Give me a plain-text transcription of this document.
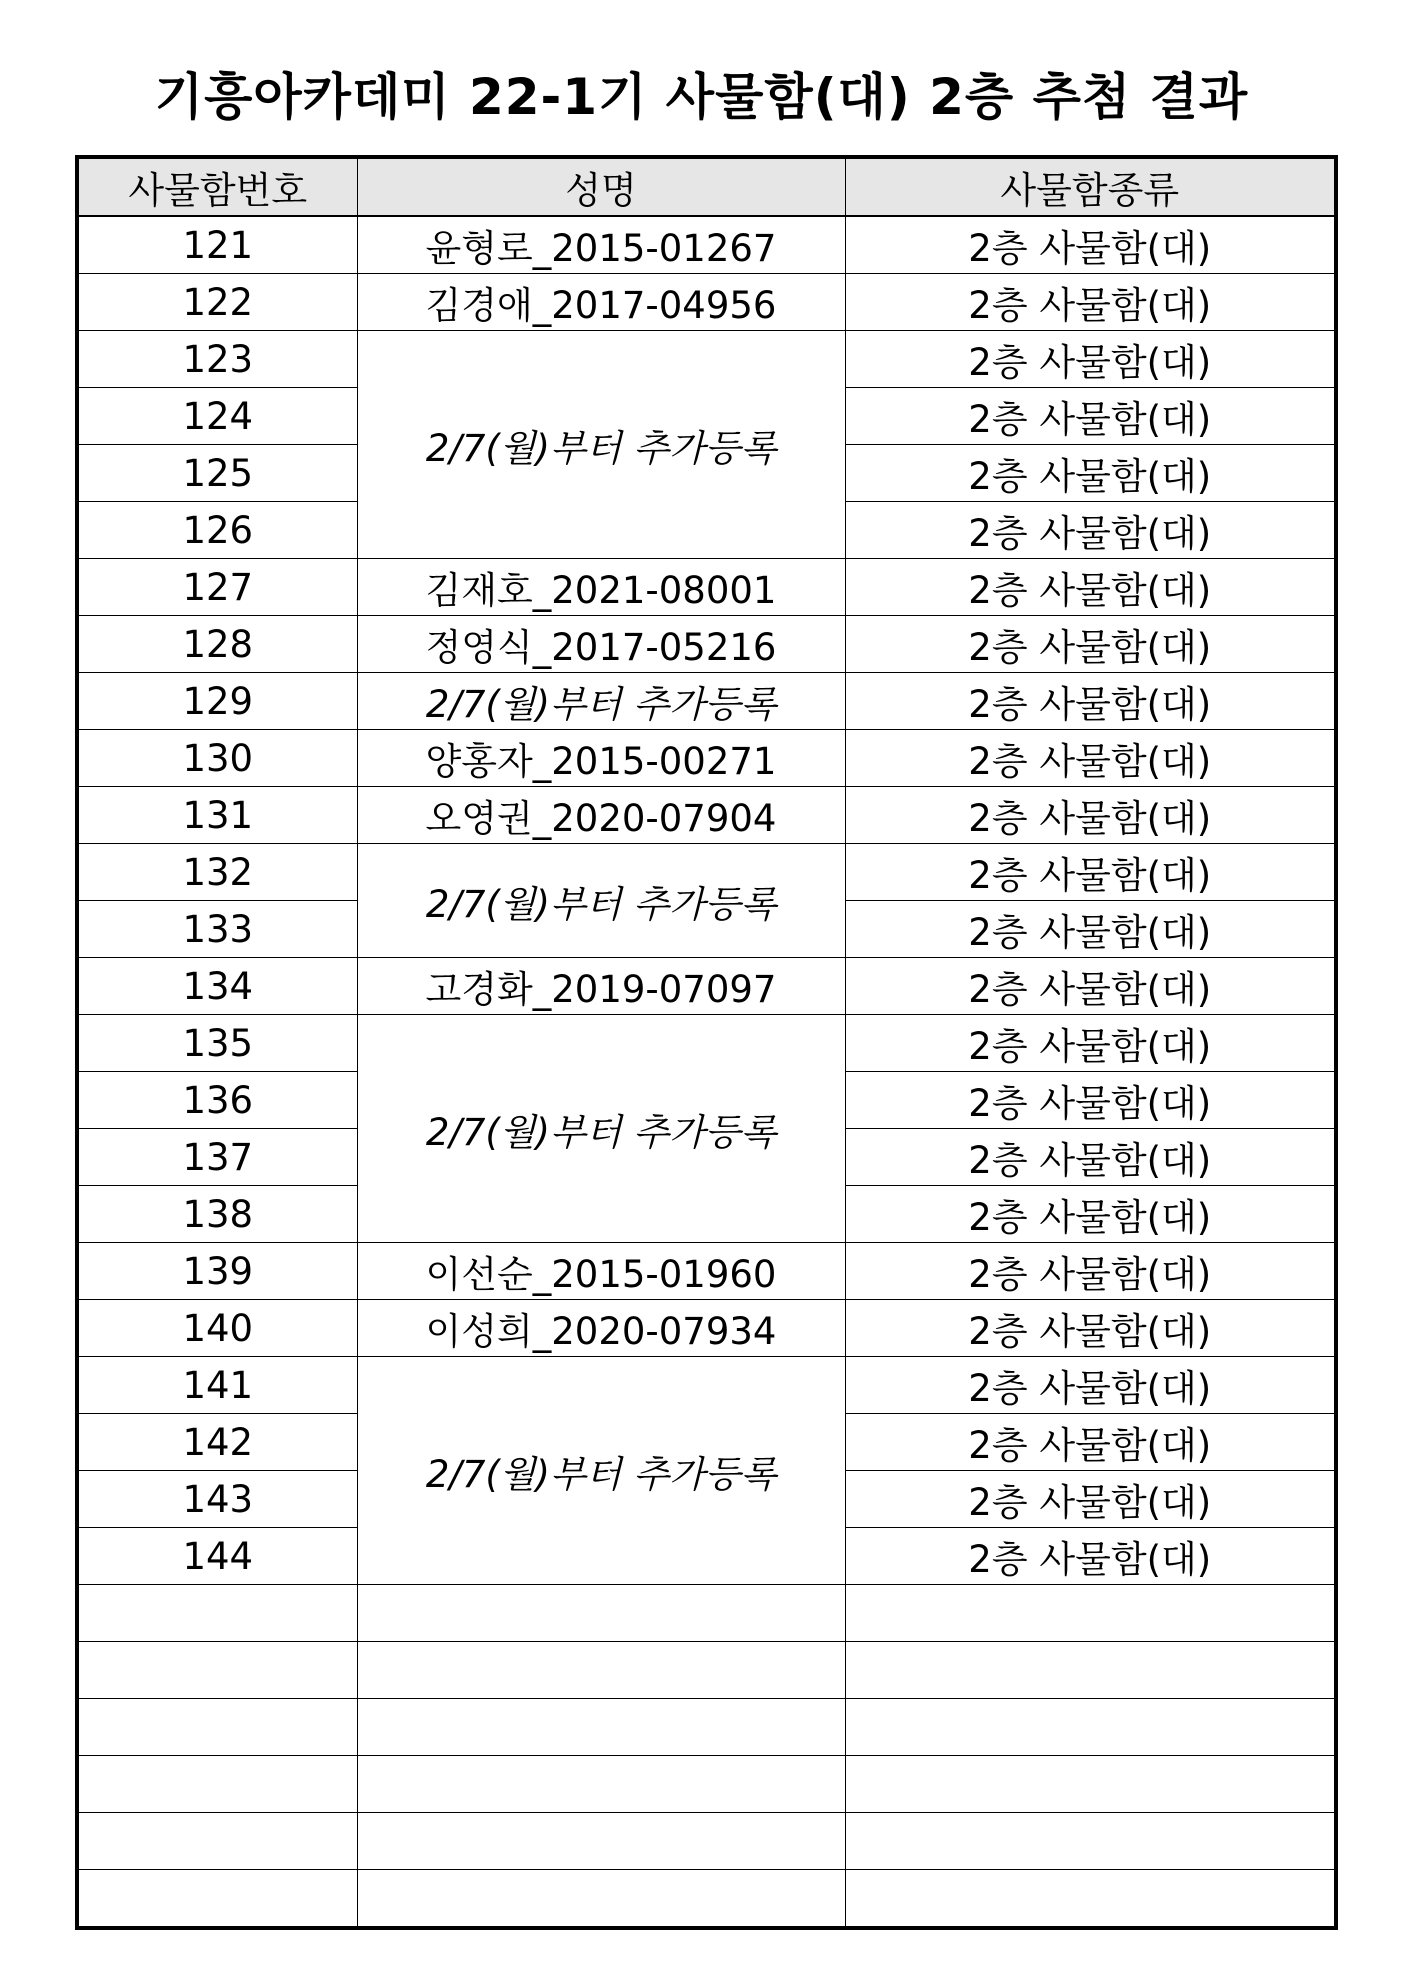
기흥아카데미 22-1기 사물함(대) 2층 추첨 결과
사물함번호	성명	사물함종류
121	윤형로_2015-01267	2층 사물함(대)
122	김경애_2017-04956	2층 사물함(대)
123	2/7(월)부터 추가등록	2층 사물함(대)
124		2층 사물함(대)
125		2층 사물함(대)
126		2층 사물함(대)
127	김재호_2021-08001	2층 사물함(대)
128	정영식_2017-05216	2층 사물함(대)
129	2/7(월)부터 추가등록	2층 사물함(대)
130	양홍자_2015-00271	2층 사물함(대)
131	오영권_2020-07904	2층 사물함(대)
132	2/7(월)부터 추가등록	2층 사물함(대)
133		2층 사물함(대)
134	고경화_2019-07097	2층 사물함(대)
135	2/7(월)부터 추가등록	2층 사물함(대)
136		2층 사물함(대)
137		2층 사물함(대)
138		2층 사물함(대)
139	이선순_2015-01960	2층 사물함(대)
140	이성희_2020-07934	2층 사물함(대)
141	2/7(월)부터 추가등록	2층 사물함(대)
142		2층 사물함(대)
143		2층 사물함(대)
144		2층 사물함(대)
